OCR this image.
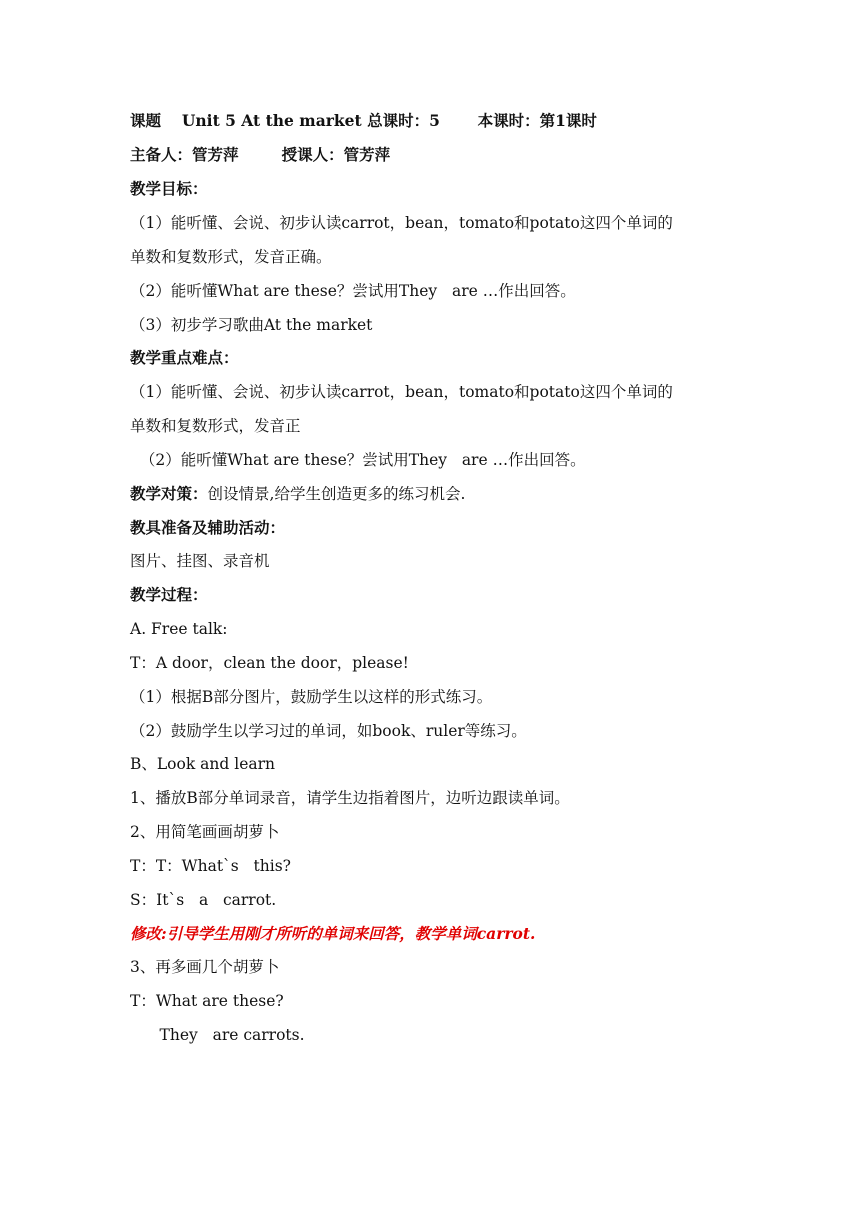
课题　 Unit 5 At the market 总课时：5       本课时：第1课时
主备人：管芳萍        授课人：管芳萍
教学目标：
（1）能听懂、会说、初步认读carrot，bean，tomato和potato这四个单词的
单数和复数形式，发音正确。
（2）能听懂What are these？尝试用They   are …作出回答。
（3）初步学习歌曲At the market
教学重点难点：
（1）能听懂、会说、初步认读carrot，bean，tomato和potato这四个单词的
单数和复数形式，发音正
（2）能听懂What are these？尝试用They   are …作出回答。
教学对策：创设情景,给学生创造更多的练习机会.
教具准备及辅助活动：
图片、挂图、录音机
教学过程：
A. Free talk:
T：A door，clean the door，please!
（1）根据B部分图片，鼓励学生以这样的形式练习。
（2）鼓励学生以学习过的单词，如book、ruler等练习。
B、Look and learn
1、播放B部分单词录音，请学生边指着图片，边听边跟读单词。
2、用简笔画画胡萝卜
T：T：What`s   this?
S：It`s   a   carrot.
修改:引导学生用刚才所听的单词来回答，教学单词carrot.
3、再多画几个胡萝卜
T：What are these?
They   are carrots.
